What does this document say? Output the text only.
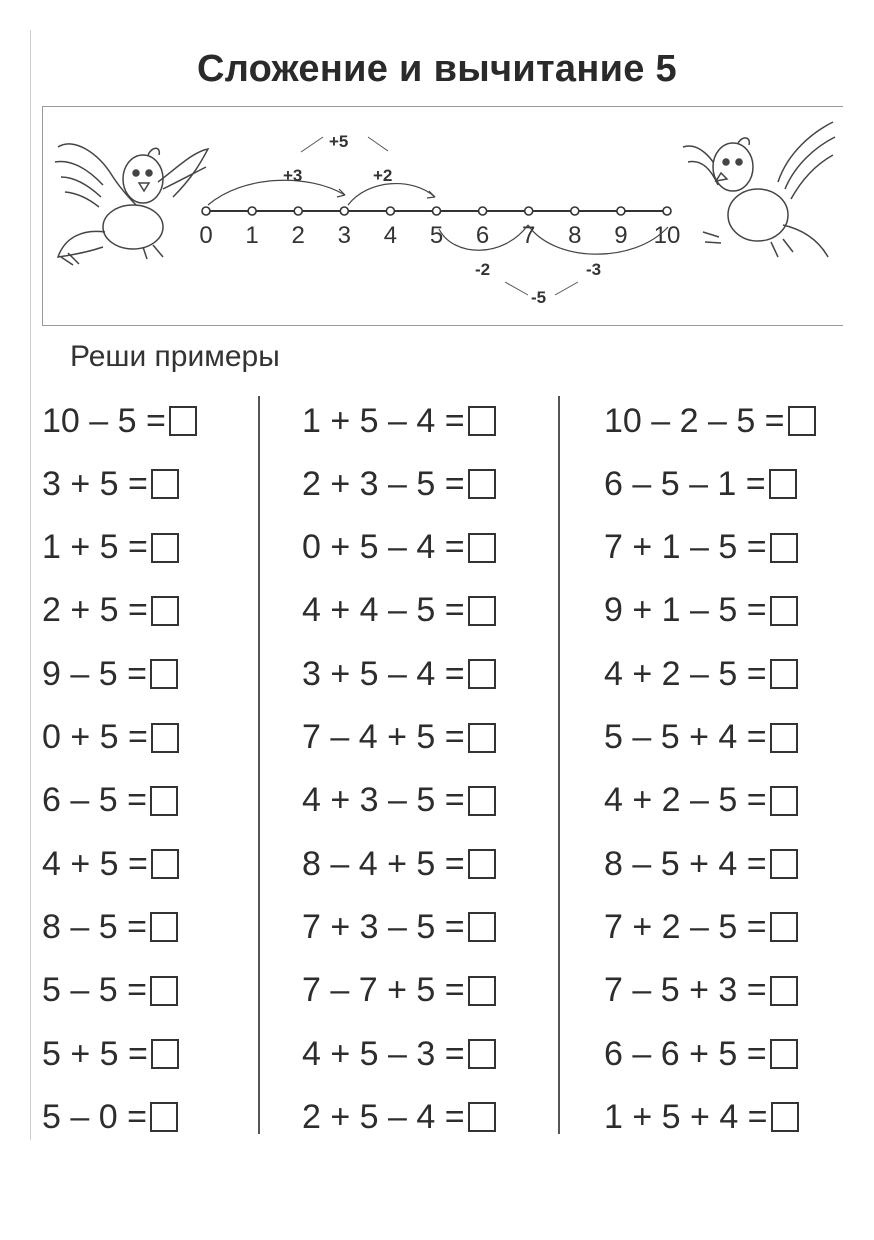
Сложение и вычитание 5
0 1 2 3 4 5 6 7 8 9 10
+3	+2
+5
-2	-3
-5
Реши примеры
10 – 5 =
3 + 5 =
1 + 5 =
2 + 5 =
9 – 5 =
0 + 5 =
6 – 5 =
4 + 5 =
8 – 5 =
5 – 5 =
5 + 5 =
5 – 0 =
1 + 5 – 4 =
2 + 3 – 5 =
0 + 5 – 4 =
4 + 4 – 5 =
3 + 5 – 4 =
7 – 4 + 5 =
4 + 3 – 5 =
8 – 4 + 5 =
7 + 3 – 5 =
7 – 7 + 5 =
4 + 5 – 3 =
2 + 5 – 4 =
10 – 2 – 5 =
6 – 5 – 1 =
7 + 1 – 5 =
9 + 1 – 5 =
4 + 2 – 5 =
5 – 5 + 4 =
4 + 2 – 5 =
8 – 5 + 4 =
7 + 2 – 5 =
7 – 5 + 3 =
6 – 6 + 5 =
1 + 5 + 4 =
